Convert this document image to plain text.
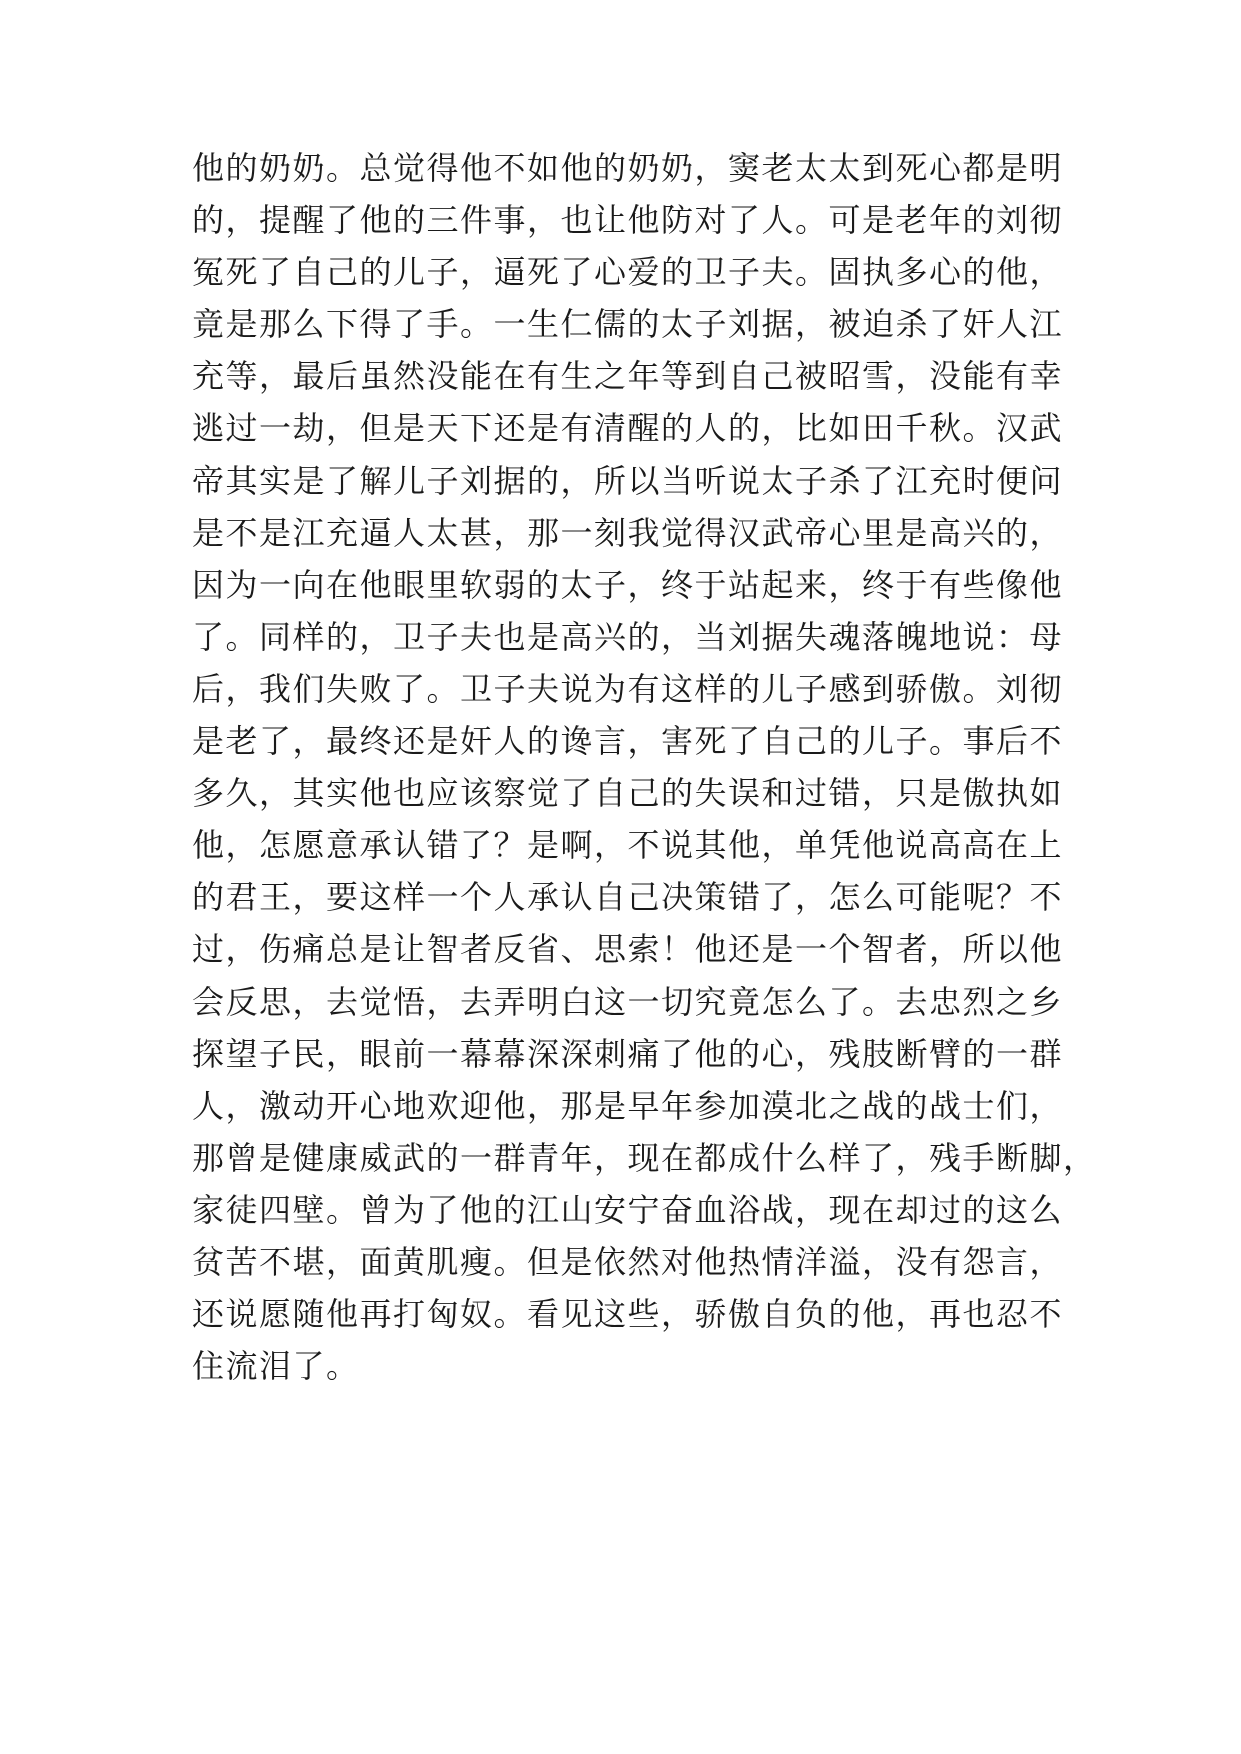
他的奶奶。总觉得他不如他的奶奶，窦老太太到死心都是明
的，提醒了他的三件事，也让他防对了人。可是老年的刘彻
冤死了自己的儿子，逼死了心爱的卫子夫。固执多心的他，
竟是那么下得了手。一生仁儒的太子刘据，被迫杀了奸人江
充等，最后虽然没能在有生之年等到自己被昭雪，没能有幸
逃过一劫，但是天下还是有清醒的人的，比如田千秋。汉武
帝其实是了解儿子刘据的，所以当听说太子杀了江充时便问
是不是江充逼人太甚，那一刻我觉得汉武帝心里是高兴的，
因为一向在他眼里软弱的太子，终于站起来，终于有些像他
了。同样的，卫子夫也是高兴的，当刘据失魂落魄地说：母
后，我们失败了。卫子夫说为有这样的儿子感到骄傲。刘彻
是老了，最终还是奸人的谗言，害死了自己的儿子。事后不
多久，其实他也应该察觉了自己的失误和过错，只是傲执如
他，怎愿意承认错了？是啊，不说其他，单凭他说高高在上
的君王，要这样一个人承认自己决策错了，怎么可能呢？不
过，伤痛总是让智者反省、思索！他还是一个智者，所以他
会反思，去觉悟，去弄明白这一切究竟怎么了。去忠烈之乡
探望子民，眼前一幕幕深深刺痛了他的心，残肢断臂的一群
人，激动开心地欢迎他，那是早年参加漠北之战的战士们，
那曾是健康威武的一群青年，现在都成什么样了，残手断脚，
家徒四壁。曾为了他的江山安宁奋血浴战，现在却过的这么
贫苦不堪，面黄肌瘦。但是依然对他热情洋溢，没有怨言，
还说愿随他再打匈奴。看见这些，骄傲自负的他，再也忍不
住流泪了。
